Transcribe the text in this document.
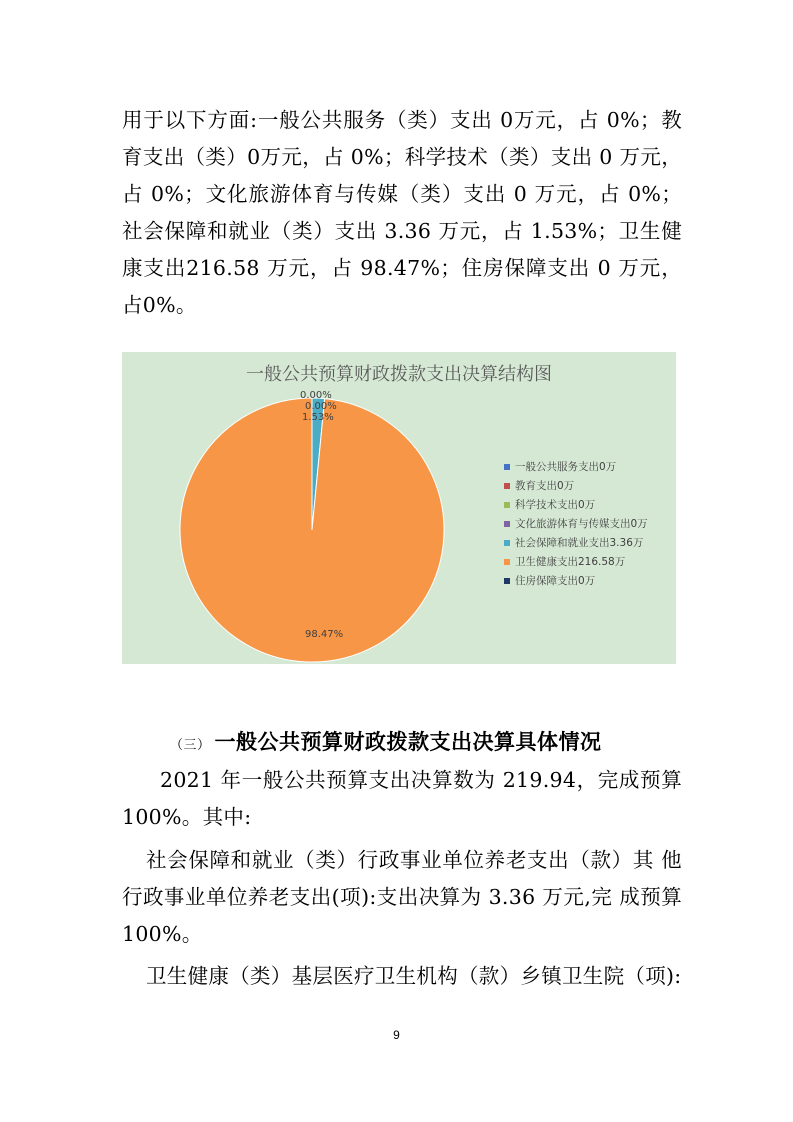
用于以下方面:一般公共服务（类）支出 0万元，占 0%；教育支出（类）0万元，占 0%；科学技术（类）支出 0 万元，占 0%；文化旅游体育与传媒（类）支出 0 万元，占 0%；社会保障和就业（类）支出 3.36 万元，占 1.53%；卫生健康支出216.58 万元，占 98.47%；住房保障支出 0 万元，占0%。

一般公共预算财政拨款支出决算结构图
0.00%
1.53%
0.00%
98.47%
一般公共服务支出0万
教育支出0万
科学技术支出0万
文化旅游体育与传媒支出0万
社会保障和就业支出3.36万
卫生健康支出216.58万
住房保障支出0万
（三） 一般公共预算财政拨款支出决算具体情况

2021 年一般公共预算支出决算数为 219.94，完成预算100%。其中:

社会保障和就业（类）行政事业单位养老支出（款）其 他行政事业单位养老支出(项):支出决算为 3.36 万元,完 成预算 100%。

卫生健康（类）基层医疗卫生机构（款）乡镇卫生院（项):

9
